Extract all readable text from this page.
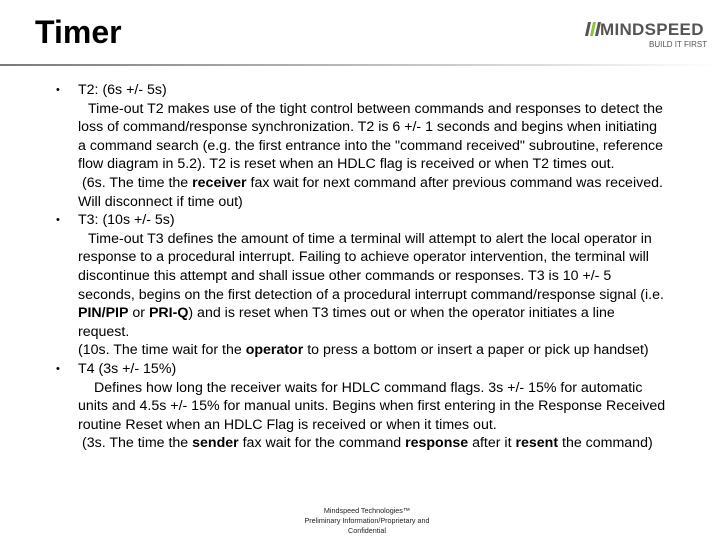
Timer	MINDSPEED
BUILD IT FIRST

• T2: (6s +/- 5s)

Time-out T2 makes use of the tight control between commands and responses to detect the loss of command/response synchronization. T2 is 6 +/- 1 seconds and begins when initiating a command search (e.g. the first entrance into the "command received" subroutine, reference flow diagram in 5.2). T2 is reset when an HDLC flag is received or when T2 times out.

(6s. The time the receiver fax wait for next command after previous command was received. Will disconnect if time out)

• T3: (10s +/- 5s)

Time-out T3 defines the amount of time a terminal will attempt to alert the local operator in response to a procedural interrupt. Failing to achieve operator intervention, the terminal will discontinue this attempt and shall issue other commands or responses. T3 is 10 +/- 5 seconds, begins on the first detection of a procedural interrupt command/response signal (i.e. PIN/PIP or PRI-Q) and is reset when T3 times out or when the operator initiates a line request.

(10s. The time wait for the operator to press a bottom or insert a paper or pick up handset)

• T4 (3s +/- 15%)

Defines how long the receiver waits for HDLC command flags. 3s +/- 15% for automatic units and 4.5s +/- 15% for manual units. Begins when first entering in the Response Received routine Reset when an HDLC Flag is received or when it times out.

(3s. The time the sender fax wait for the command response after it resent the command)

Mindspeed Technologies™
Preliminary Information/Proprietary and
Confidential
